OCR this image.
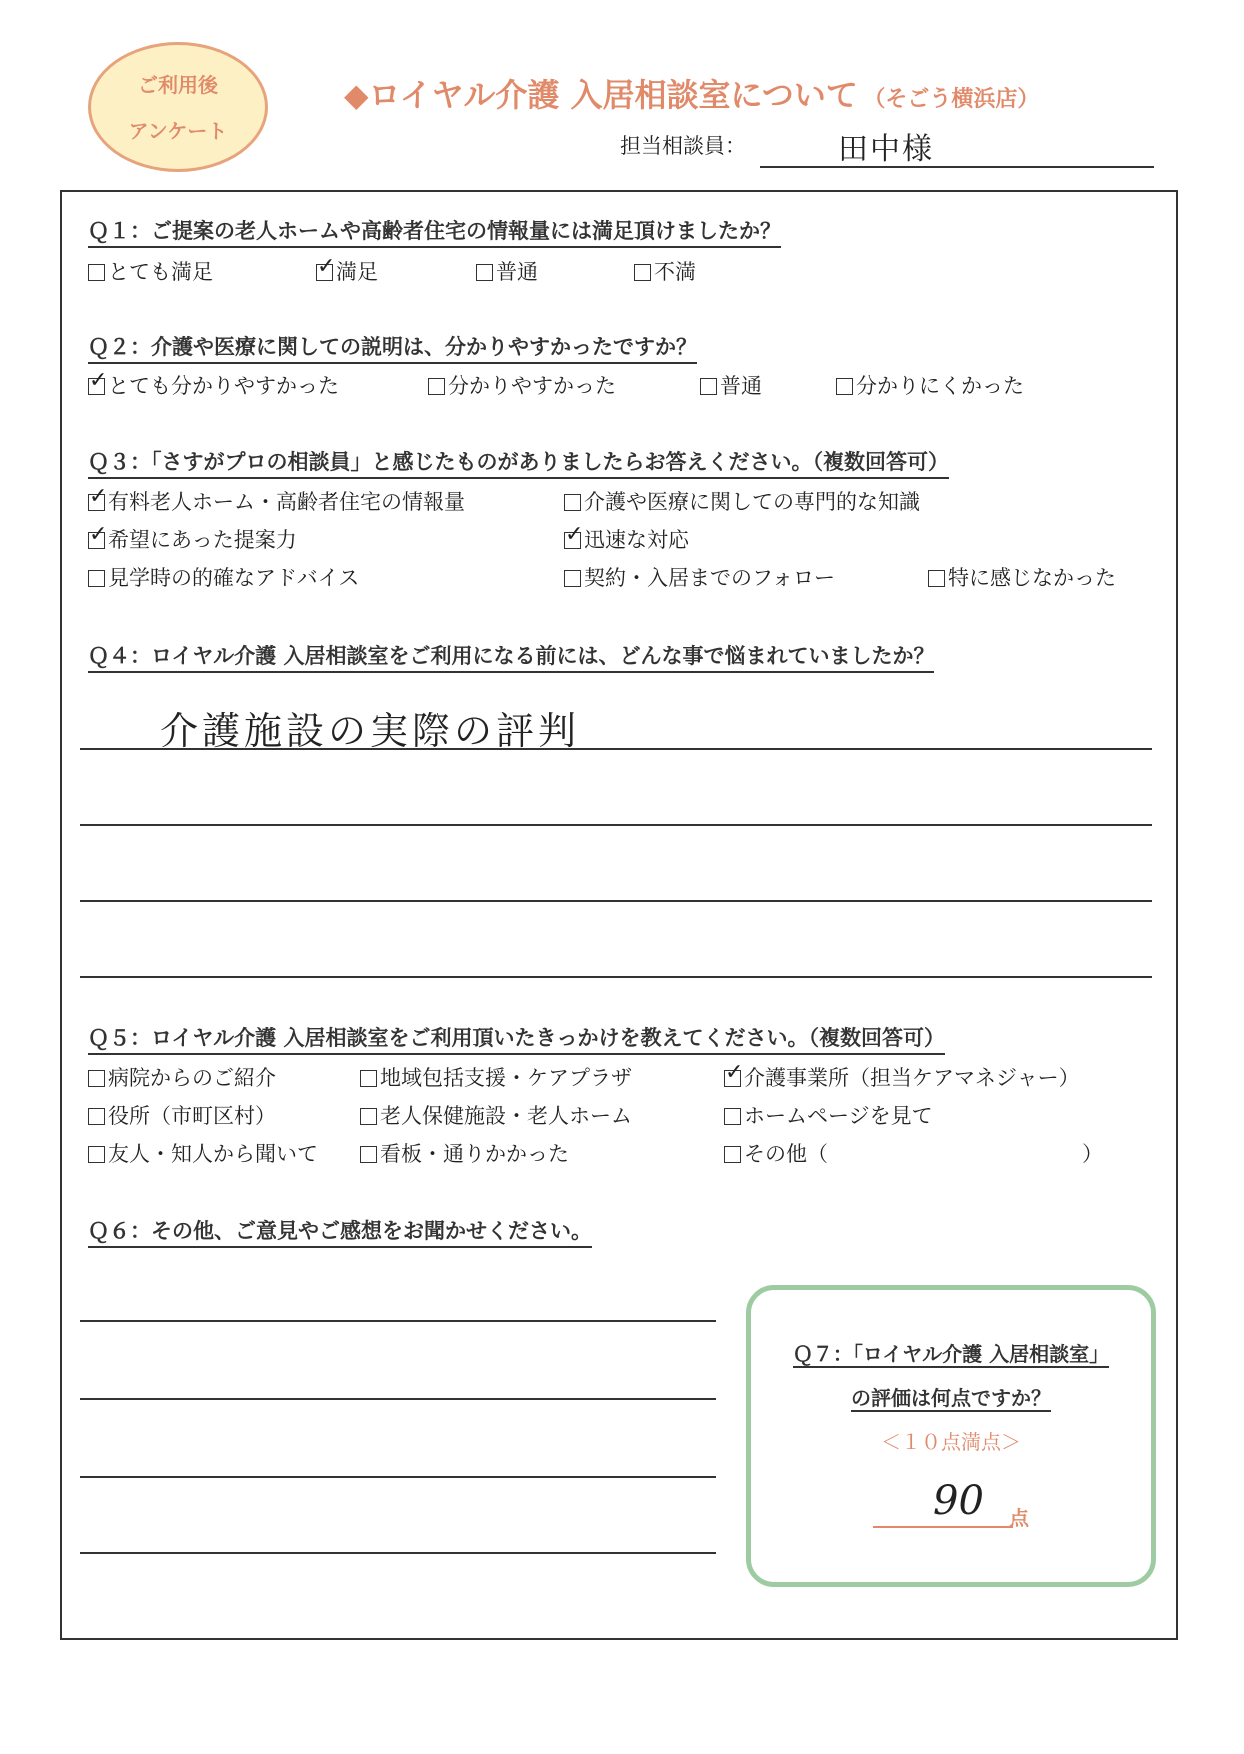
ご利用後
アンケート
◆ロイヤル介護 入居相談室について （そごう横浜店）
担当相談員：	田中様
Ｑ１：ご提案の老人ホームや高齢者住宅の情報量には満足頂けましたか？
とても満足	✓ 満足	普通	不満
Ｑ２：介護や医療に関しての説明は、分かりやすかったですか？
✓ とても分かりやすかった	分かりやすかった	普通	分かりにくかった
Ｑ３：「さすがプロの相談員」と感じたものがありましたらお答えください。（複数回答可）
✓ 有料老人ホーム・高齢者住宅の情報量	介護や医療に関しての専門的な知識
✓ 希望にあった提案力	✓ 迅速な対応
見学時の的確なアドバイス	契約・入居までのフォロー	特に感じなかった
Ｑ４：ロイヤル介護 入居相談室をご利用になる前には、どんな事で悩まれていましたか？
介護施設の実際の評判
Ｑ５：ロイヤル介護 入居相談室をご利用頂いたきっかけを教えてください。（複数回答可）
病院からのご紹介	地域包括支援・ケアプラザ	✓ 介護事業所（担当ケアマネジャー）
役所（市町区村）	老人保健施設・老人ホーム	ホームページを見て
友人・知人から聞いて	看板・通りかかった	その他（	）
Ｑ６：その他、ご意見やご感想をお聞かせください。
Ｑ７：「ロイヤル介護 入居相談室」
の評価は何点ですか？
＜１０点満点＞
90 点
